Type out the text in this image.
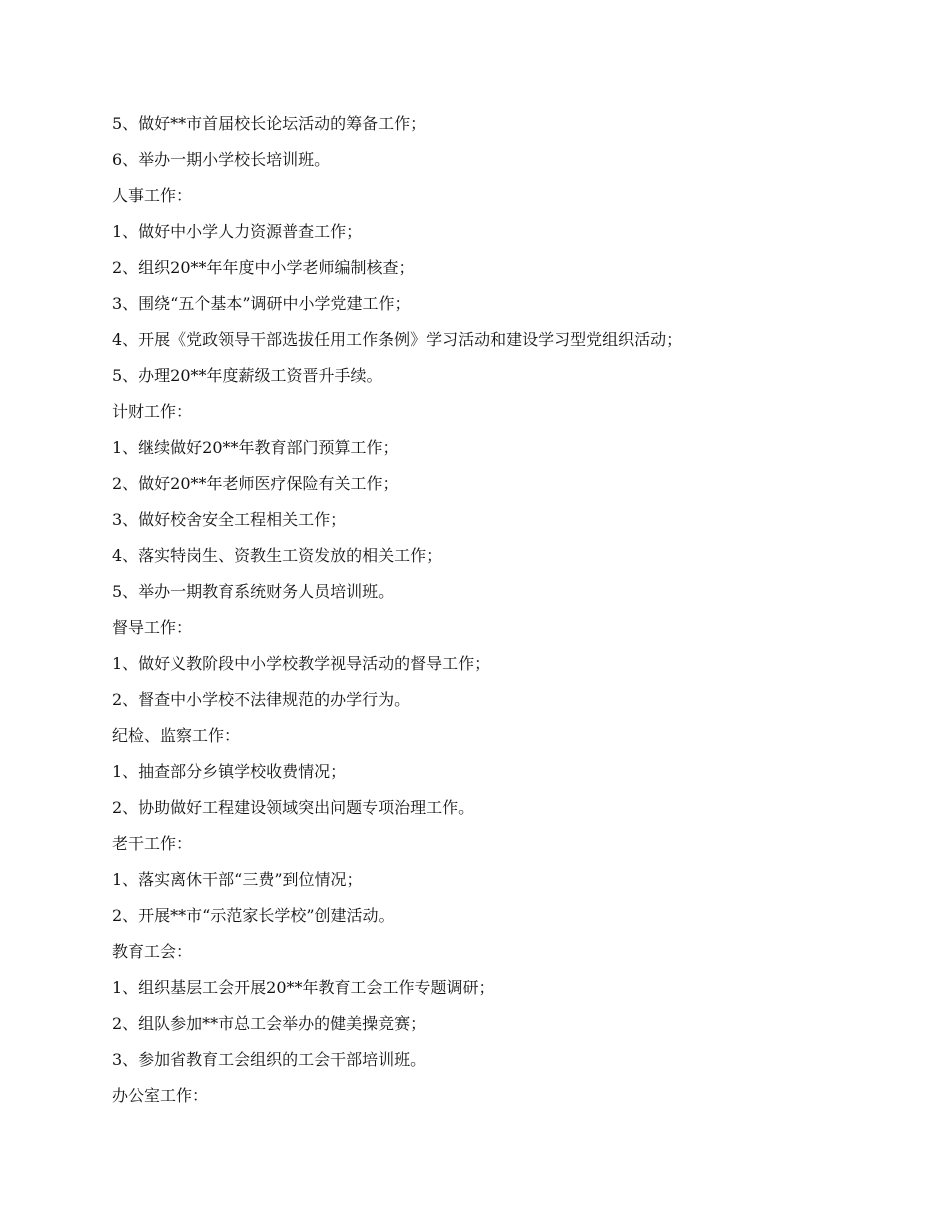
5、做好**市首届校长论坛活动的筹备工作；
6、举办一期小学校长培训班。
人事工作：
1、做好中小学人力资源普查工作；
2、组织20**年年度中小学老师编制核查；
3、围绕“五个基本”调研中小学党建工作；
4、开展《党政领导干部选拔任用工作条例》学习活动和建设学习型党组织活动；
5、办理20**年度薪级工资晋升手续。
计财工作：
1、继续做好20**年教育部门预算工作；
2、做好20**年老师医疗保险有关工作；
3、做好校舍安全工程相关工作；
4、落实特岗生、资教生工资发放的相关工作；
5、举办一期教育系统财务人员培训班。
督导工作：
1、做好义教阶段中小学校教学视导活动的督导工作；
2、督查中小学校不法律规范的办学行为。
纪检、监察工作：
1、抽查部分乡镇学校收费情况；
2、协助做好工程建设领域突出问题专项治理工作。
老干工作：
1、落实离休干部“三费”到位情况；
2、开展**市“示范家长学校”创建活动。
教育工会：
1、组织基层工会开展20**年教育工会工作专题调研；
2、组队参加**市总工会举办的健美操竞赛；
3、参加省教育工会组织的工会干部培训班。
办公室工作：
